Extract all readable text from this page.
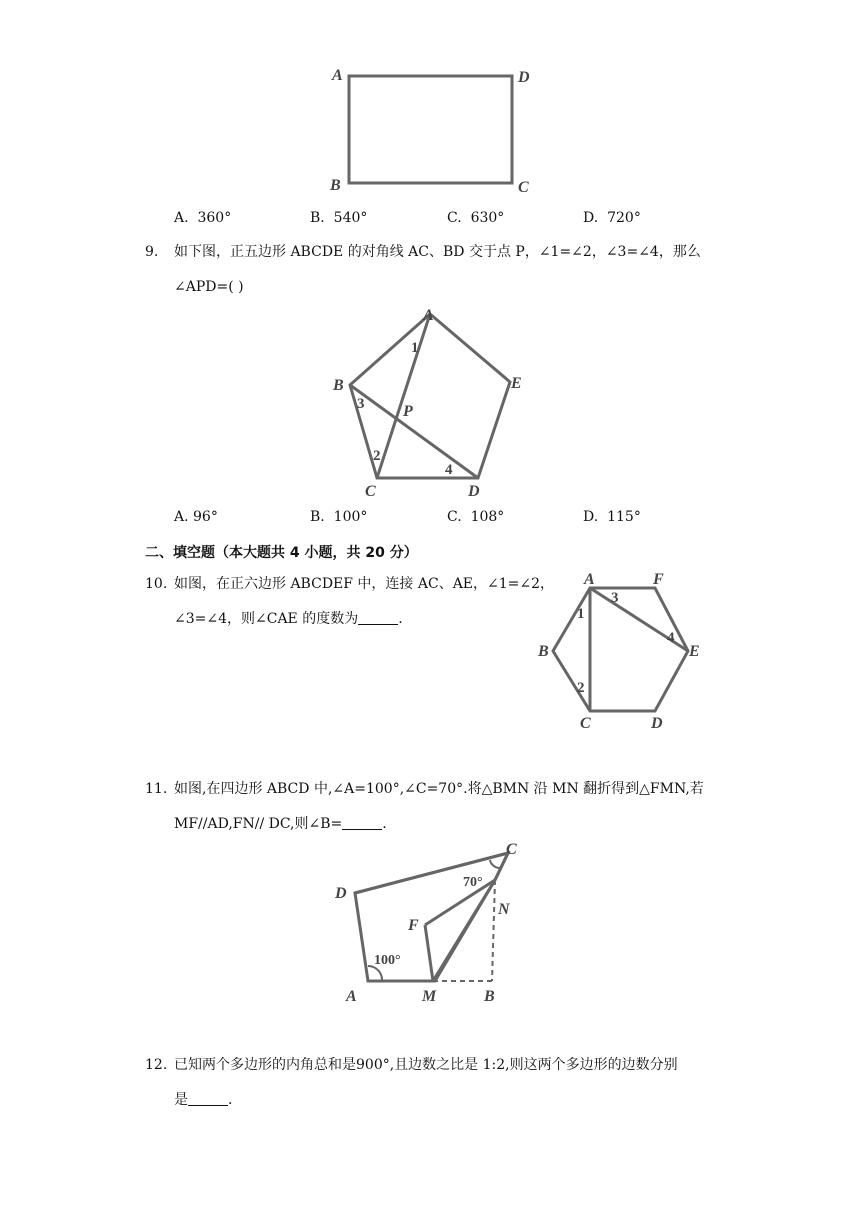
A	D
B	C
A. 360°	B. 540°	C. 630°	D. 720°
9. 如下图，正五边形 ABCDE 的对角线 AC、BD 交于点 P，∠1=∠2，∠3=∠4，那么
∠APD=( )
A
B
C	D
E
P
1
2
3
4
A. 96°	B. 100°	C. 108°	D. 115°
二、填空题（本大题共 4 小题，共 20 分）
10. 如图，在正六边形 ABCDEF 中，连接 AC、AE，∠1=∠2，
∠3=∠4，则∠CAE 的度数为	.
A	F
B	E
C	D
1
2
3
4
11. 如图,在四边形 ABCD 中,∠A=100°,∠C=70°.将△BMN 沿 MN 翻折得到△FMN,若
MF//AD,FN// DC,则∠B=	.
C
D
F
N
A	M	B
100°
70°
12. 已知两个多边形的内角总和是900°,且边数之比是 1:2,则这两个多边形的边数分别
是	.
